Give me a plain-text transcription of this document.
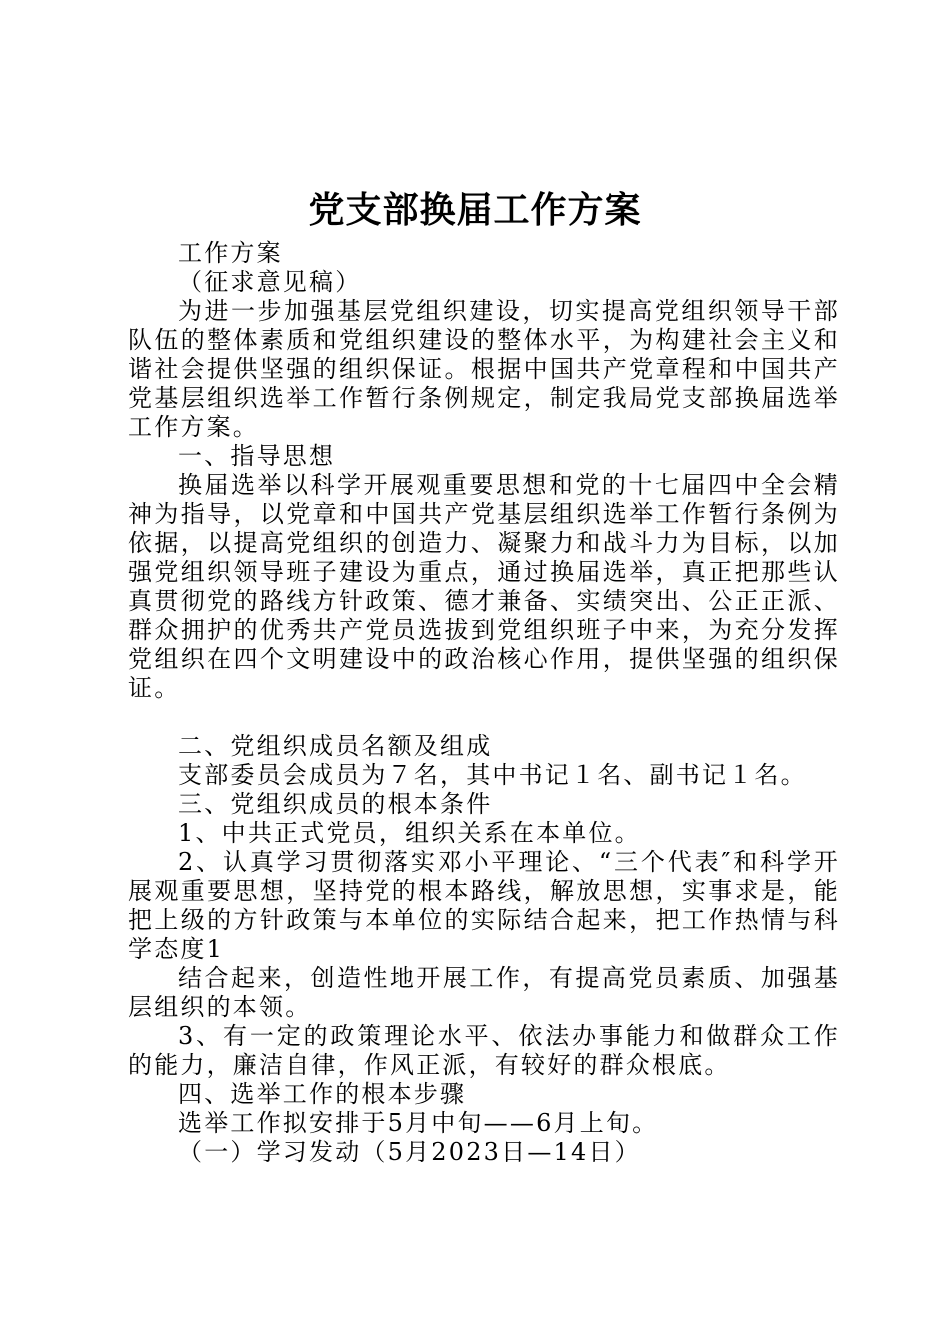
党支部换届工作方案

工作方案

（征求意见稿）

为进一步加强基层党组织建设，切实提高党组织领导干部队伍的整体素质和党组织建设的整体水平，为构建社会主义和谐社会提供坚强的组织保证。根据中国共产党章程和中国共产党基层组织选举工作暂行条例规定，制定我局党支部换届选举工作方案。

一、指导思想

换届选举以科学开展观重要思想和党的十七届四中全会精神为指导，以党章和中国共产党基层组织选举工作暂行条例为依据，以提高党组织的创造力、凝聚力和战斗力为目标，以加强党组织领导班子建设为重点，通过换届选举，真正把那些认真贯彻党的路线方针政策、德才兼备、实绩突出、公正正派、群众拥护的优秀共产党员选拔到党组织班子中来，为充分发挥党组织在四个文明建设中的政治核心作用，提供坚强的组织保证。

二、党组织成员名额及组成

支部委员会成员为７名，其中书记１名、副书记１名。

三、党组织成员的根本条件

1、中共正式党员，组织关系在本单位。

2、认真学习贯彻落实邓小平理论、“三个代表″和科学开展观重要思想，坚持党的根本路线，解放思想，实事求是，能把上级的方针政策与本单位的实际结合起来，把工作热情与科学态度1

结合起来，创造性地开展工作，有提高党员素质、加强基层组织的本领。

3、有一定的政策理论水平、依法办事能力和做群众工作的能力，廉洁自律，作风正派，有较好的群众根底。

四、选举工作的根本步骤

选举工作拟安排于5月中旬——6月上旬。

（一）学习发动（5月2023日—14日）
